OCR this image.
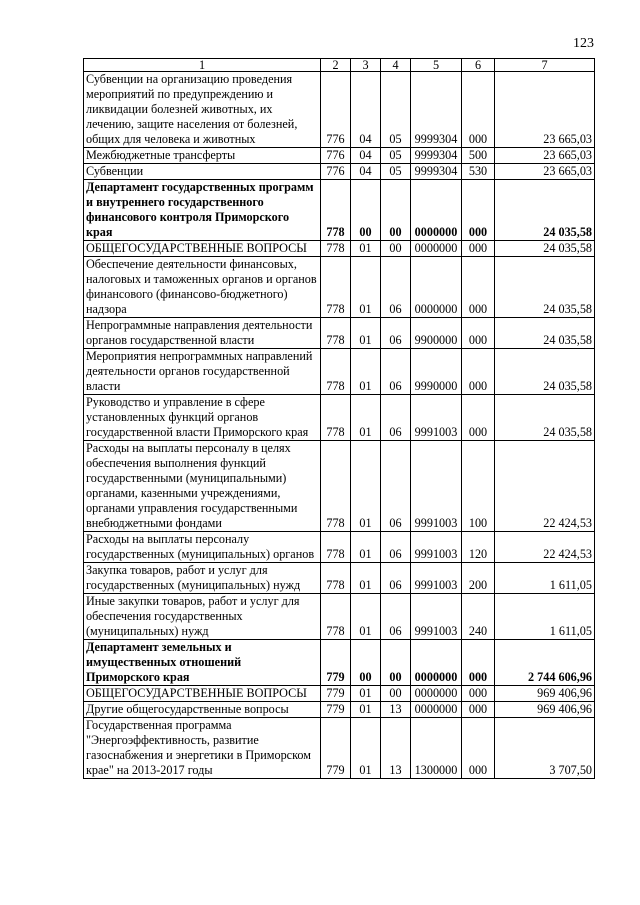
123
1	2	3	4	5	6	7
Субвенции на организацию проведения мероприятий по предупреждению и ликвидации болезней животных, их лечению, защите населения от болезней, общих для человека и животных	776	04	05	9999304	000	23 665,03
Межбюджетные трансферты	776	04	05	9999304	500	23 665,03
Субвенции	776	04	05	9999304	530	23 665,03
Департамент государственных программ и внутреннего государственного финансового контроля Приморского края	778	00	00	0000000	000	24 035,58
ОБЩЕГОСУДАРСТВЕННЫЕ ВОПРОСЫ	778	01	00	0000000	000	24 035,58
Обеспечение деятельности финансовых, налоговых и таможенных органов и органов финансового (финансово-бюджетного) надзора	778	01	06	0000000	000	24 035,58
Непрограммные направления деятельности органов государственной власти	778	01	06	9900000	000	24 035,58
Мероприятия непрограммных направлений деятельности органов государственной власти	778	01	06	9990000	000	24 035,58
Руководство и управление в сфере установленных функций органов государственной власти Приморского края	778	01	06	9991003	000	24 035,58
Расходы на выплаты персоналу в целях обеспечения выполнения функций государственными (муниципальными) органами, казенными учреждениями, органами управления государственными внебюджетными фондами	778	01	06	9991003	100	22 424,53
Расходы на выплаты персоналу государственных (муниципальных) органов	778	01	06	9991003	120	22 424,53
Закупка товаров, работ и услуг для государственных (муниципальных) нужд	778	01	06	9991003	200	1 611,05
Иные закупки товаров, работ и услуг для обеспечения государственных (муниципальных) нужд	778	01	06	9991003	240	1 611,05
Департамент земельных и имущественных отношений Приморского края	779	00	00	0000000	000	2 744 606,96
ОБЩЕГОСУДАРСТВЕННЫЕ ВОПРОСЫ	779	01	00	0000000	000	969 406,96
Другие общегосударственные вопросы	779	01	13	0000000	000	969 406,96
Государственная программа "Энергоэффективность, развитие газоснабжения и энергетики в Приморском крае" на 2013-2017 годы	779	01	13	1300000	000	3 707,50
